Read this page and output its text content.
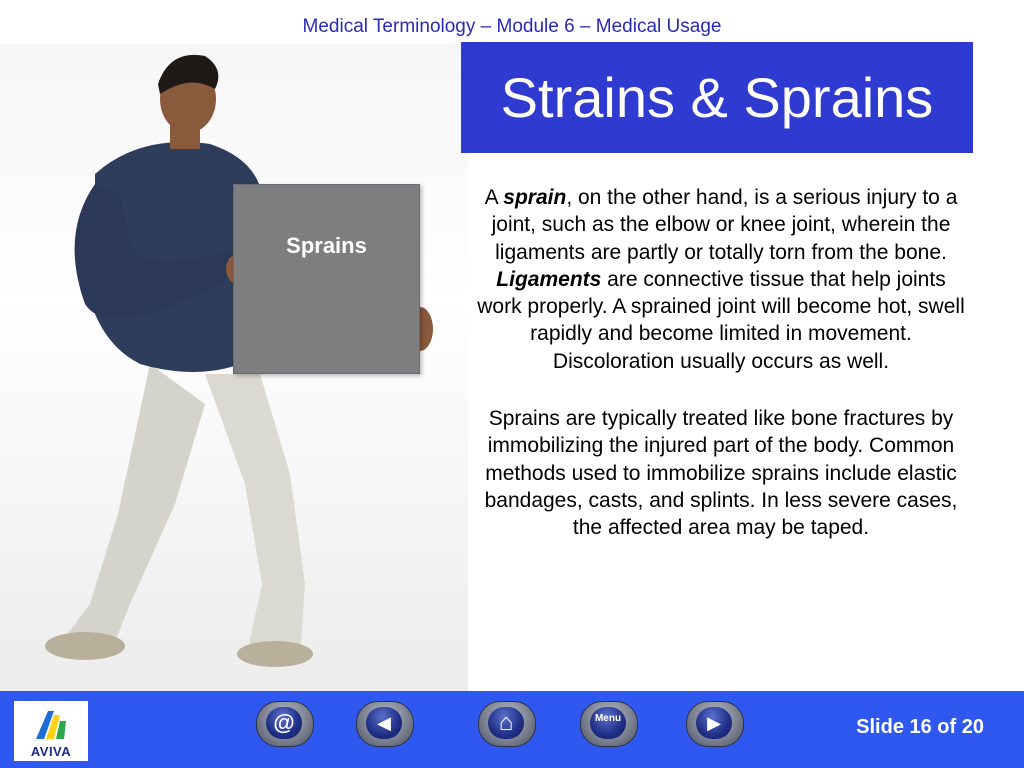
Medical Terminology – Module 6 – Medical Usage
Sprains
Strains & Sprains

A sprain, on the other hand, is a serious injury to a joint, such as the elbow or knee joint, wherein the ligaments are partly or totally torn from the bone. Ligaments are connective tissue that help joints work properly. A sprained joint will become hot, swell rapidly and become limited in movement. Discoloration usually occurs as well.

Sprains are typically treated like bone fractures by immobilizing the injured part of the body. Common methods used to immobilize sprains include elastic bandages, casts, and splints. In less severe cases, the affected area may be taped.

AVIVA
@	◀	⌂	Menu	▶	Slide 16 of 20
